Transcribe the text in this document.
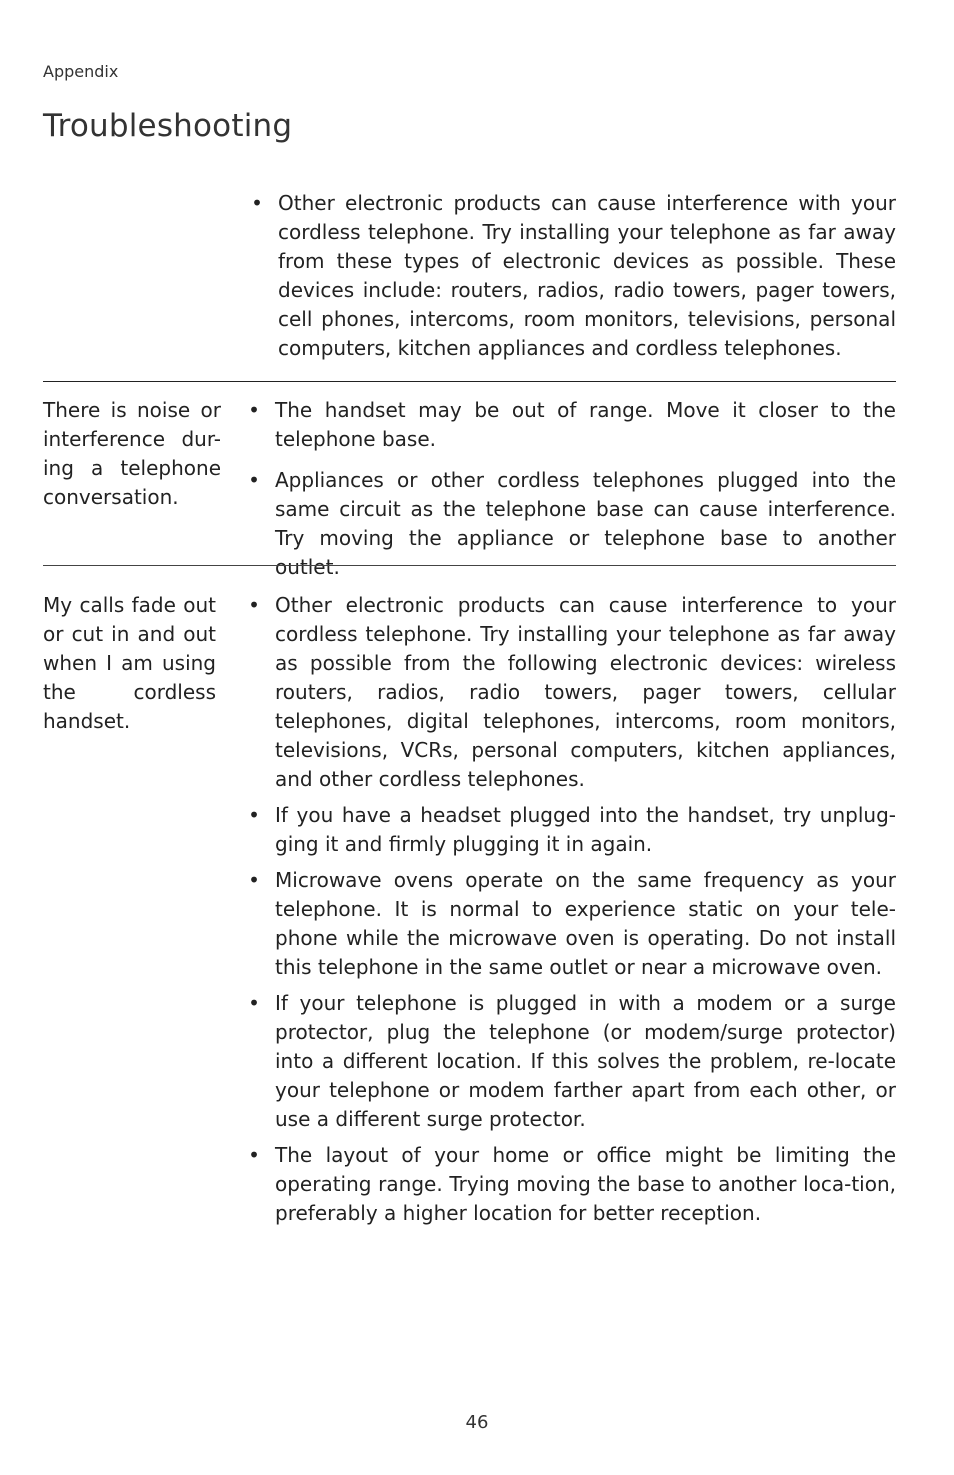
Appendix
Troubleshooting
• Other electronic products can cause interference with your cordless telephone. Try installing your telephone as far away from these types of electronic devices as possible. These devices include: routers, radios, radio towers, pager towers, cell phones, intercoms, room monitors, televisions, personal computers, kitchen appliances and cordless telephones.

There is noise or interference dur-ing a telephone conversation.

• The handset may be out of range. Move it closer to the telephone base.
• Appliances or other cordless telephones plugged into the same circuit as the telephone base can cause interference. Try moving the appliance or telephone base to another outlet.

My calls fade out or cut in and out when I am using the cordless handset.

• Other electronic products can cause interference to your cordless telephone. Try installing your telephone as far away as possible from the following electronic devices: wireless routers, radios, radio towers, pager towers, cellular telephones, digital telephones, intercoms, room monitors, televisions, VCRs, personal computers, kitchen appliances, and other cordless telephones.
• If you have a headset plugged into the handset, try unplug-ging it and firmly plugging it in again.
• Microwave ovens operate on the same frequency as your telephone. It is normal to experience static on your tele-phone while the microwave oven is operating. Do not install this telephone in the same outlet or near a microwave oven.
• If your telephone is plugged in with a modem or a surge protector, plug the telephone (or modem/surge protector) into a different location. If this solves the problem, re-locate your telephone or modem farther apart from each other, or use a different surge protector.
• The layout of your home or office might be limiting the operating range. Trying moving the base to another loca-tion, preferably a higher location for better reception.
46
